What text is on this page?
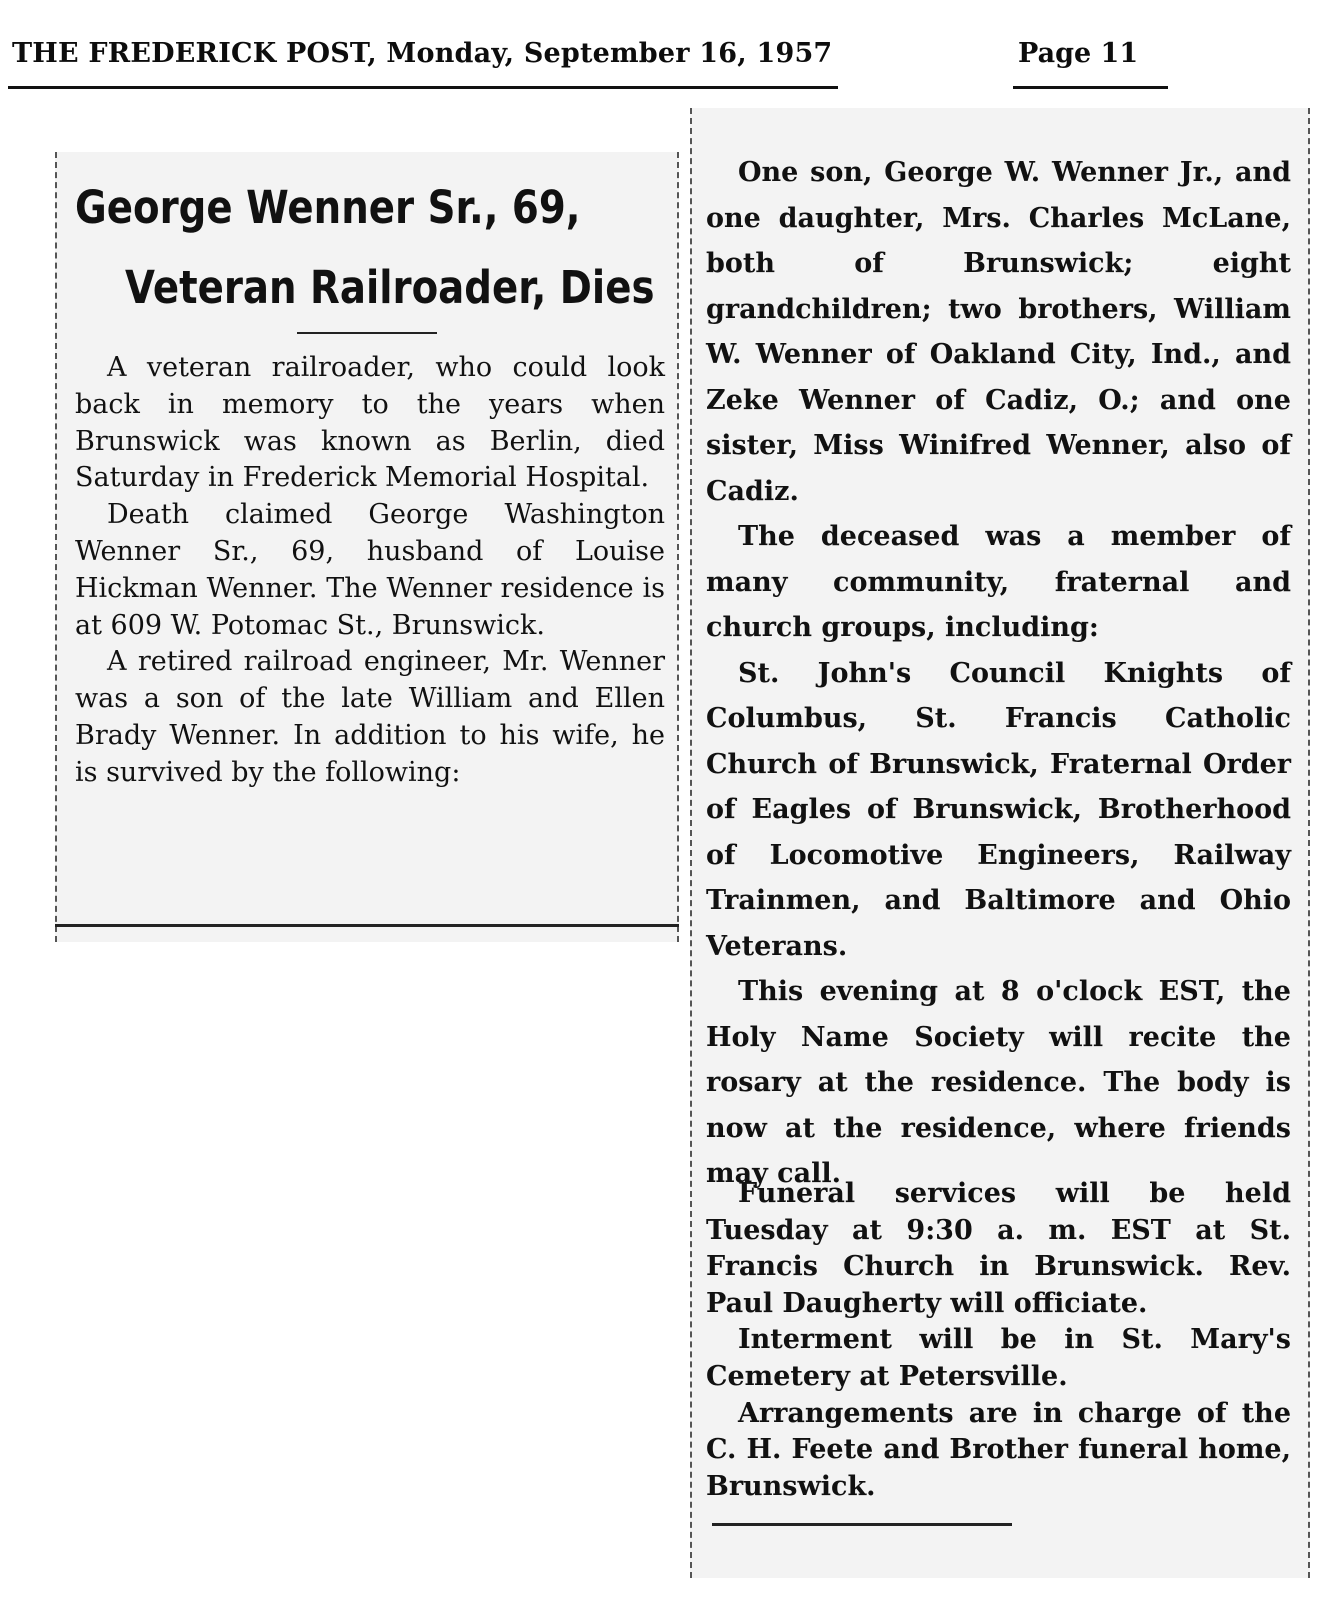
THE FREDERICK POST, Monday, September 16, 1957	Page 11
George Wenner Sr., 69,
Veteran Railroader, Dies

A veteran railroader, who could look back in memory to the years when Brunswick was known as Berlin, died Saturday in Frederick Memorial Hospital.

Death claimed George Washington Wenner Sr., 69, husband of Louise Hickman Wenner. The Wenner residence is at 609 W. Potomac St., Brunswick.

A retired railroad engineer, Mr. Wenner was a son of the late William and Ellen Brady Wenner. In addition to his wife, he is survived by the following:

One son, George W. Wenner Jr., and one daughter, Mrs. Charles McLane, both of Brunswick; eight grandchildren; two brothers, William W. Wenner of Oakland City, Ind., and Zeke Wenner of Cadiz, O.; and one sister, Miss Winifred Wenner, also of Cadiz.

The deceased was a member of many community, fraternal and church groups, including:

St. John's Council Knights of Columbus, St. Francis Catholic Church of Brunswick, Fraternal Order of Eagles of Brunswick, Brotherhood of Locomotive Engineers, Railway Trainmen, and Baltimore and Ohio Veterans.

This evening at 8 o'clock EST, the Holy Name Society will recite the rosary at the residence. The body is now at the residence, where friends may call.

Funeral services will be held Tuesday at 9:30 a. m. EST at St. Francis Church in Brunswick. Rev. Paul Daugherty will officiate.

Interment will be in St. Mary's Cemetery at Petersville.

Arrangements are in charge of the C. H. Feete and Brother funeral home, Brunswick.
